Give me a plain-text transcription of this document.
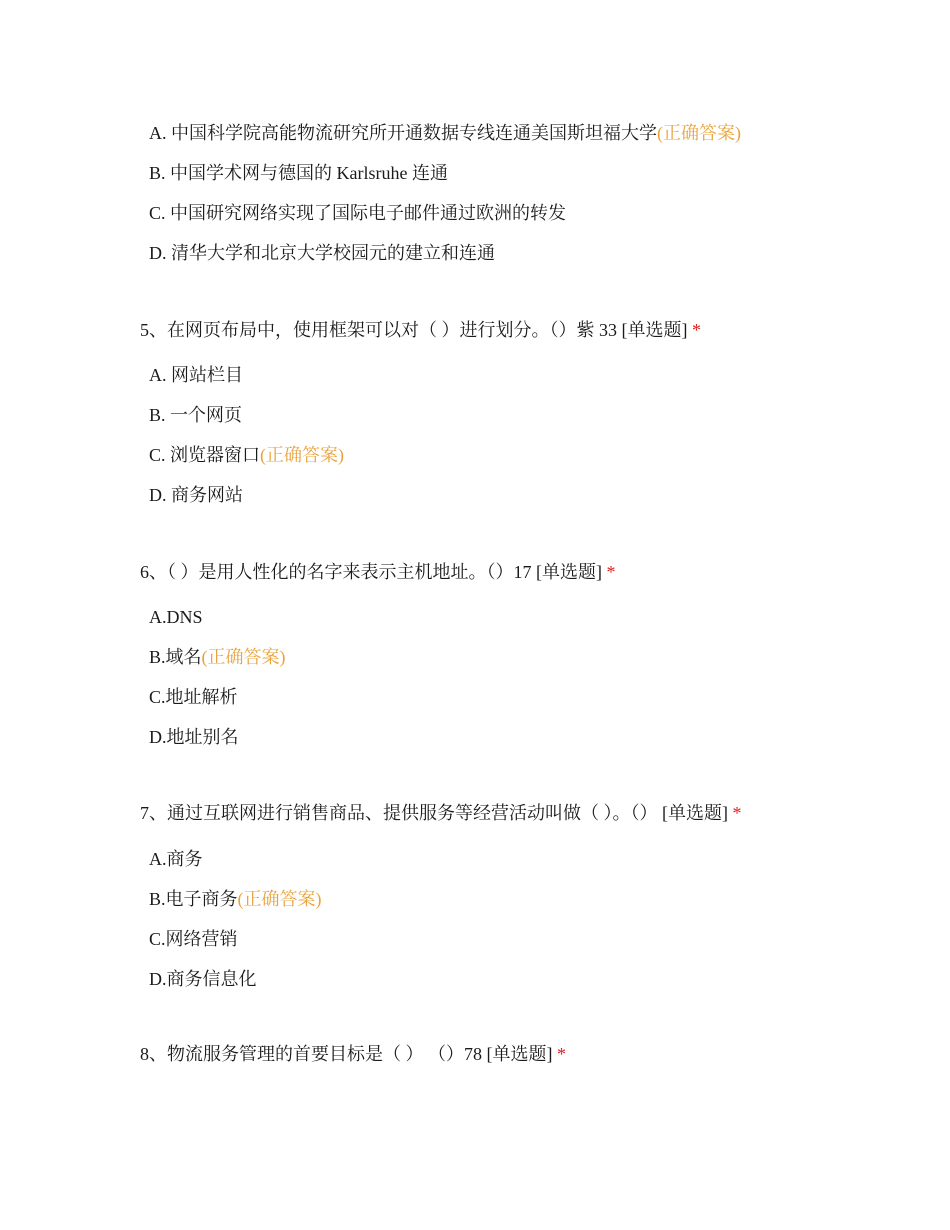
A. 中国科学院高能物流研究所开通数据专线连通美国斯坦福大学(正确答案)
B. 中国学术网与德国的 Karlsruhe 连通
C. 中国研究网络实现了国际电子邮件通过欧洲的转发
D. 清华大学和北京大学校园元的建立和连通
5、在网页布局中，使用框架可以对（ ）进行划分。（）紫 33 [单选题] *
A. 网站栏目
B. 一个网页
C. 浏览器窗口(正确答案)
D. 商务网站
6、（ ）是用人性化的名字来表示主机地址。（）17 [单选题] *
A.DNS
B.域名(正确答案)
C.地址解析
D.地址别名
7、通过互联网进行销售商品、提供服务等经营活动叫做（ ）。（） [单选题] *
A.商务
B.电子商务(正确答案)
C.网络营销
D.商务信息化
8、物流服务管理的首要目标是（ ） （）78 [单选题] *
